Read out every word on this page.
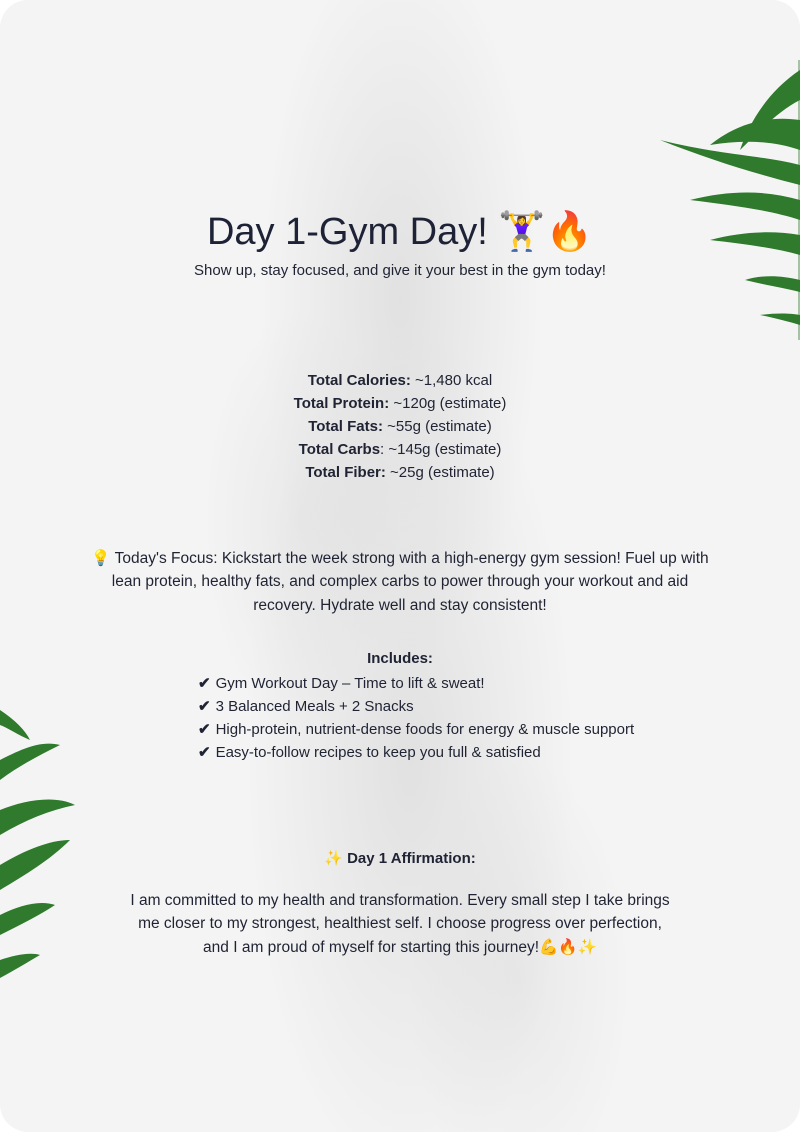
Day 1-Gym Day! 🏋️‍♀️🔥

Show up, stay focused, and give it your best in the gym today!

Total Calories: ~1,480 kcal
Total Protein: ~120g (estimate)
Total Fats: ~55g (estimate)
Total Carbs: ~145g (estimate)
Total Fiber: ~25g (estimate)

💡 Today's Focus: Kickstart the week strong with a high-energy gym session! Fuel up with lean protein, healthy fats, and complex carbs to power through your workout and aid recovery. Hydrate well and stay consistent!

Includes:
✔ Gym Workout Day – Time to lift & sweat!
✔ 3 Balanced Meals + 2 Snacks
✔ High-protein, nutrient-dense foods for energy & muscle support
✔ Easy-to-follow recipes to keep you full & satisfied
✨ Day 1 Affirmation:

I am committed to my health and transformation. Every small step I take brings me closer to my strongest, healthiest self. I choose progress over perfection, and I am proud of myself for starting this journey!💪🔥✨
